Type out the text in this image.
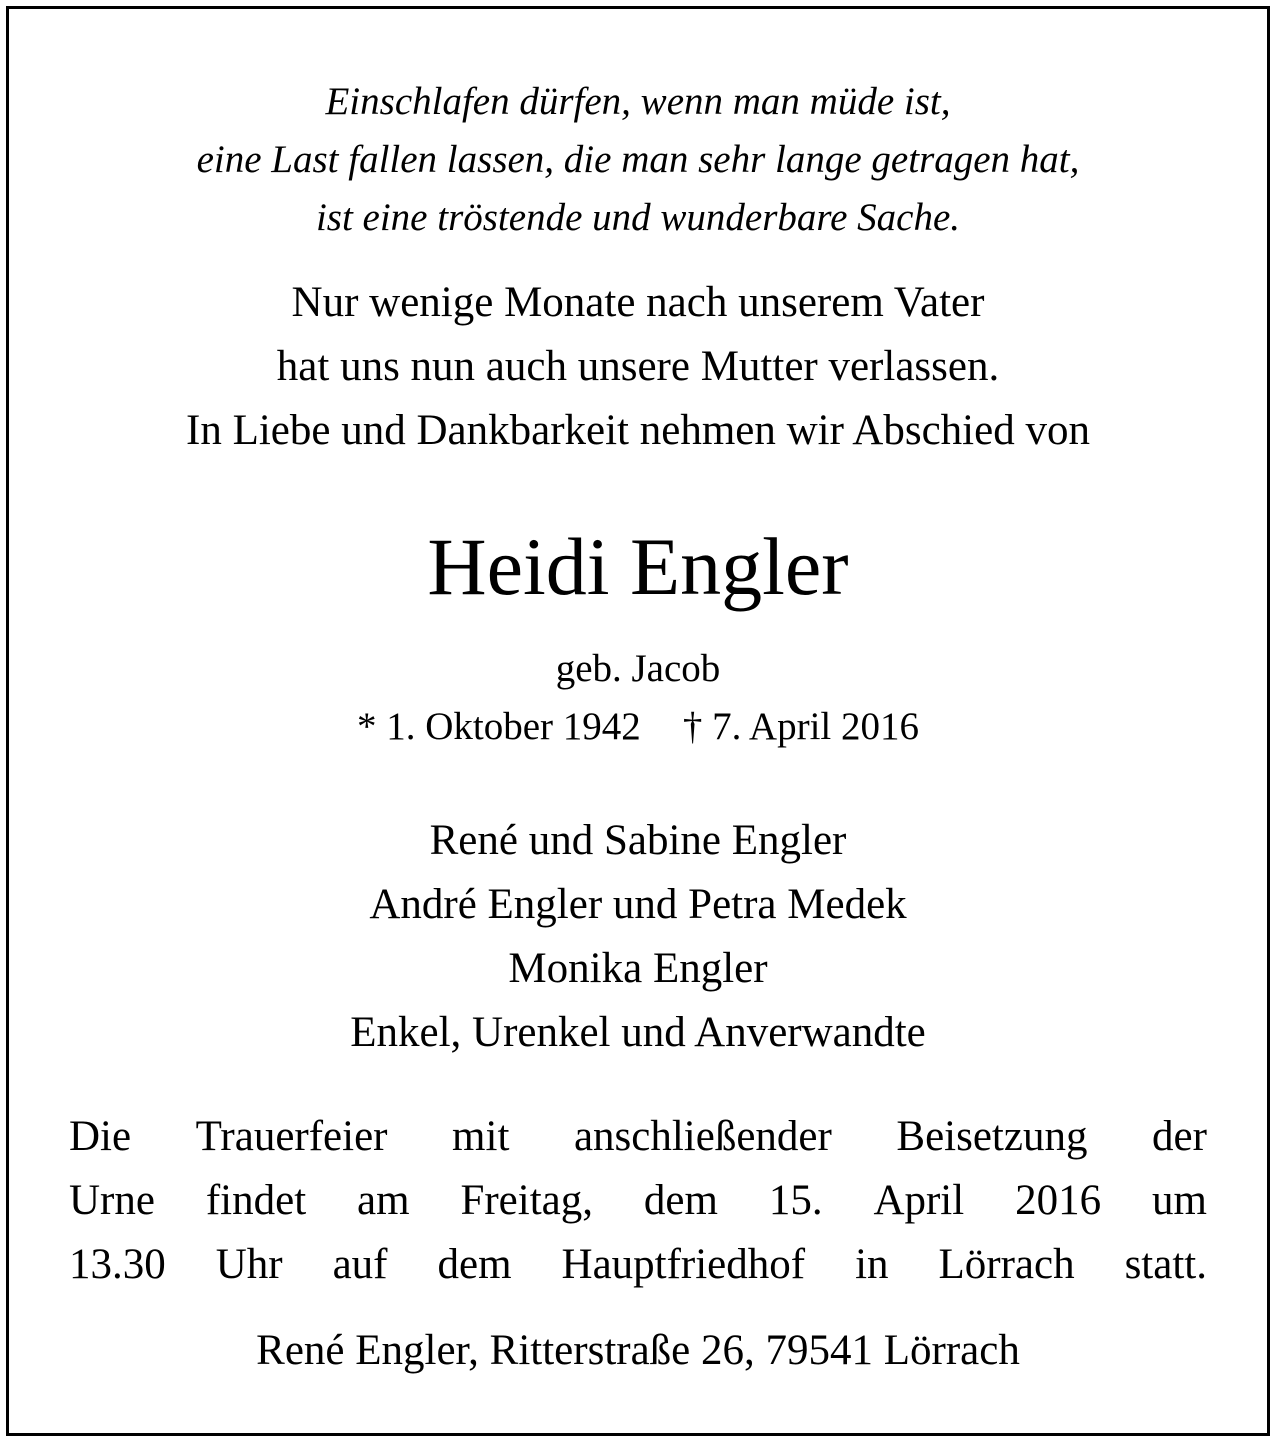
Einschlafen dürfen, wenn man müde ist,

eine Last fallen lassen, die man sehr lange getragen hat,

ist eine tröstende und wunderbare Sache.

Nur wenige Monate nach unserem Vater

hat uns nun auch unsere Mutter verlassen.

In Liebe und Dankbarkeit nehmen wir Abschied von

Heidi Engler

geb. Jacob

* 1. Oktober 1942 † 7. April 2016

René und Sabine Engler

André Engler und Petra Medek

Monika Engler

Enkel, Urenkel und Anverwandte

Die Trauerfeier mit anschließender Beisetzung der
Urne findet am Freitag, dem 15. April 2016 um
13.30 Uhr auf dem Hauptfriedhof in Lörrach statt.

René Engler, Ritterstraße 26, 79541 Lörrach
